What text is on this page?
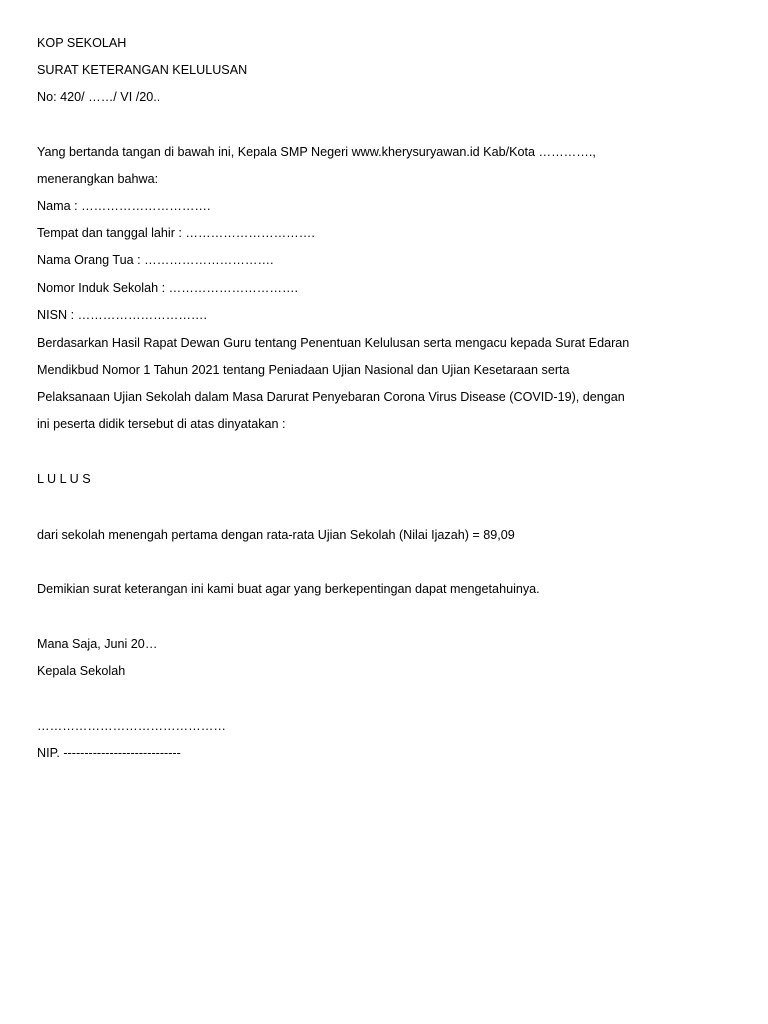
KOP SEKOLAH
SURAT KETERANGAN KELULUSAN
No: 420/ ……/ VI /20..
Yang bertanda tangan di bawah ini, Kepala SMP Negeri www.kherysuryawan.id Kab/Kota ………….,
menerangkan bahwa:
Nama : ………………………….
Tempat dan tanggal lahir : ………………………….
Nama Orang Tua : ………………………….
Nomor Induk Sekolah : ………………………….
NISN : ………………………….
Berdasarkan Hasil Rapat Dewan Guru tentang Penentuan Kelulusan serta mengacu kepada Surat Edaran
Mendikbud Nomor 1 Tahun 2021 tentang Peniadaan Ujian Nasional dan Ujian Kesetaraan serta
Pelaksanaan Ujian Sekolah dalam Masa Darurat Penyebaran Corona Virus Disease (COVID-19), dengan
ini peserta didik tersebut di atas dinyatakan :
L U L U S
dari sekolah menengah pertama dengan rata-rata Ujian Sekolah (Nilai Ijazah) = 89,09
Demikian surat keterangan ini kami buat agar yang berkepentingan dapat mengetahuinya.
Mana Saja, Juni 20…
Kepala Sekolah
………………………………………
NIP. ----------------------------
